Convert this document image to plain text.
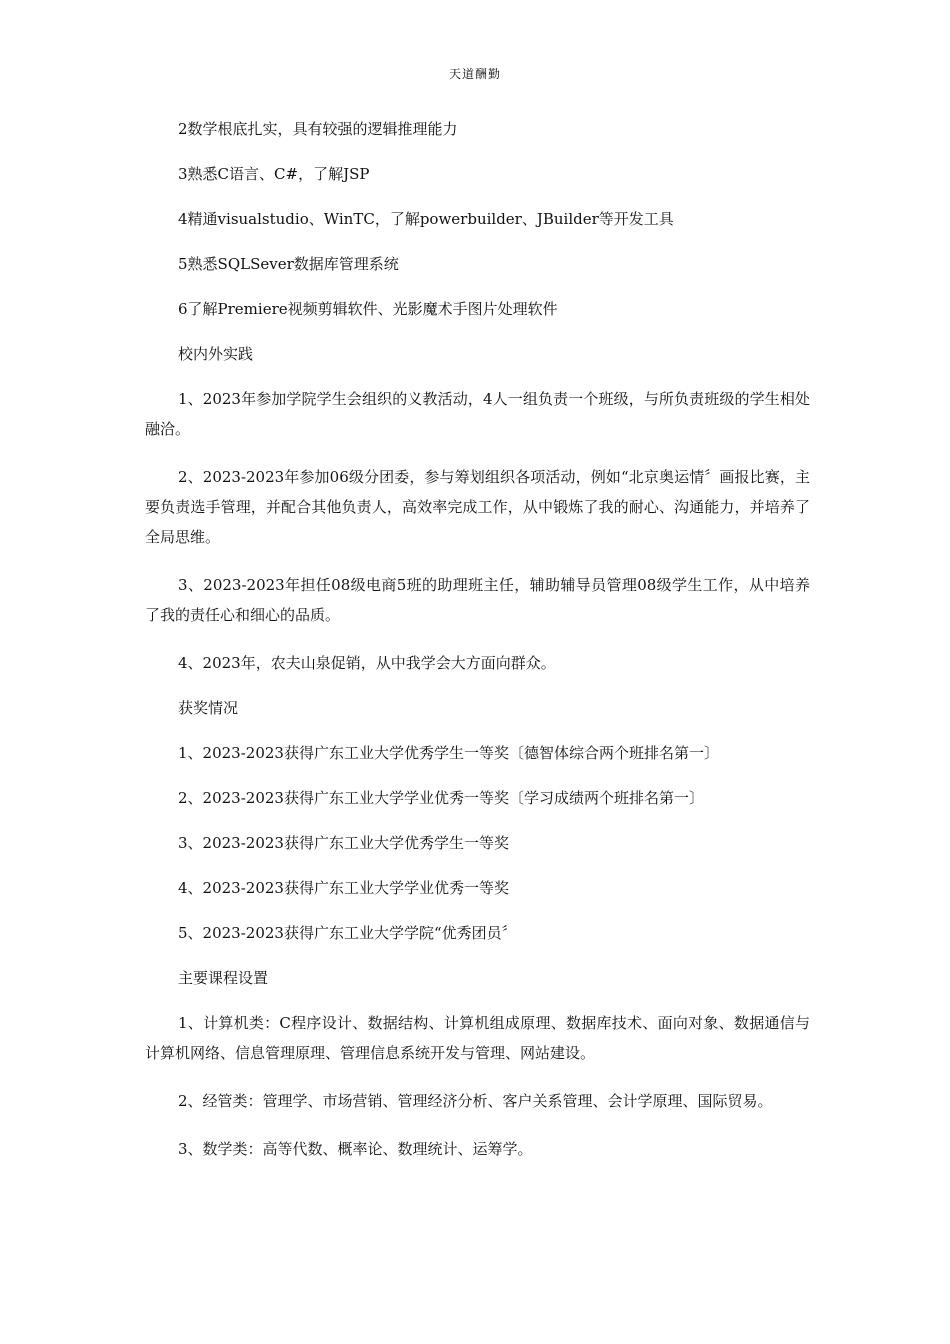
天道酬勤

2数学根底扎实，具有较强的逻辑推理能力

3熟悉C语言、C#，了解JSP

4精通visualstudio、WinTC，了解powerbuilder、JBuilder等开发工具

5熟悉SQLSever数据库管理系统

6了解Premiere视频剪辑软件、光影魔术手图片处理软件

校内外实践

1、2023年参加学院学生会组织的义教活动，4人一组负责一个班级，与所负责班级的学生相处融洽。

2、2023-2023年参加06级分团委，参与筹划组织各项活动，例如“北京奥运情〞画报比赛，主要负责选手管理，并配合其他负责人，高效率完成工作，从中锻炼了我的耐心、沟通能力，并培养了全局思维。

3、2023-2023年担任08级电商5班的助理班主任，辅助辅导员管理08级学生工作，从中培养了我的责任心和细心的品质。

4、2023年，农夫山泉促销，从中我学会大方面向群众。

获奖情况

1、2023-2023获得广东工业大学优秀学生一等奖〔德智体综合两个班排名第一〕

2、2023-2023获得广东工业大学学业优秀一等奖〔学习成绩两个班排名第一〕

3、2023-2023获得广东工业大学优秀学生一等奖

4、2023-2023获得广东工业大学学业优秀一等奖

5、2023-2023获得广东工业大学学院“优秀团员〞

主要课程设置

1、计算机类：C程序设计、数据结构、计算机组成原理、数据库技术、面向对象、数据通信与计算机网络、信息管理原理、管理信息系统开发与管理、网站建设。

2、经管类：管理学、市场营销、管理经济分析、客户关系管理、会计学原理、国际贸易。

3、数学类：高等代数、概率论、数理统计、运筹学。
